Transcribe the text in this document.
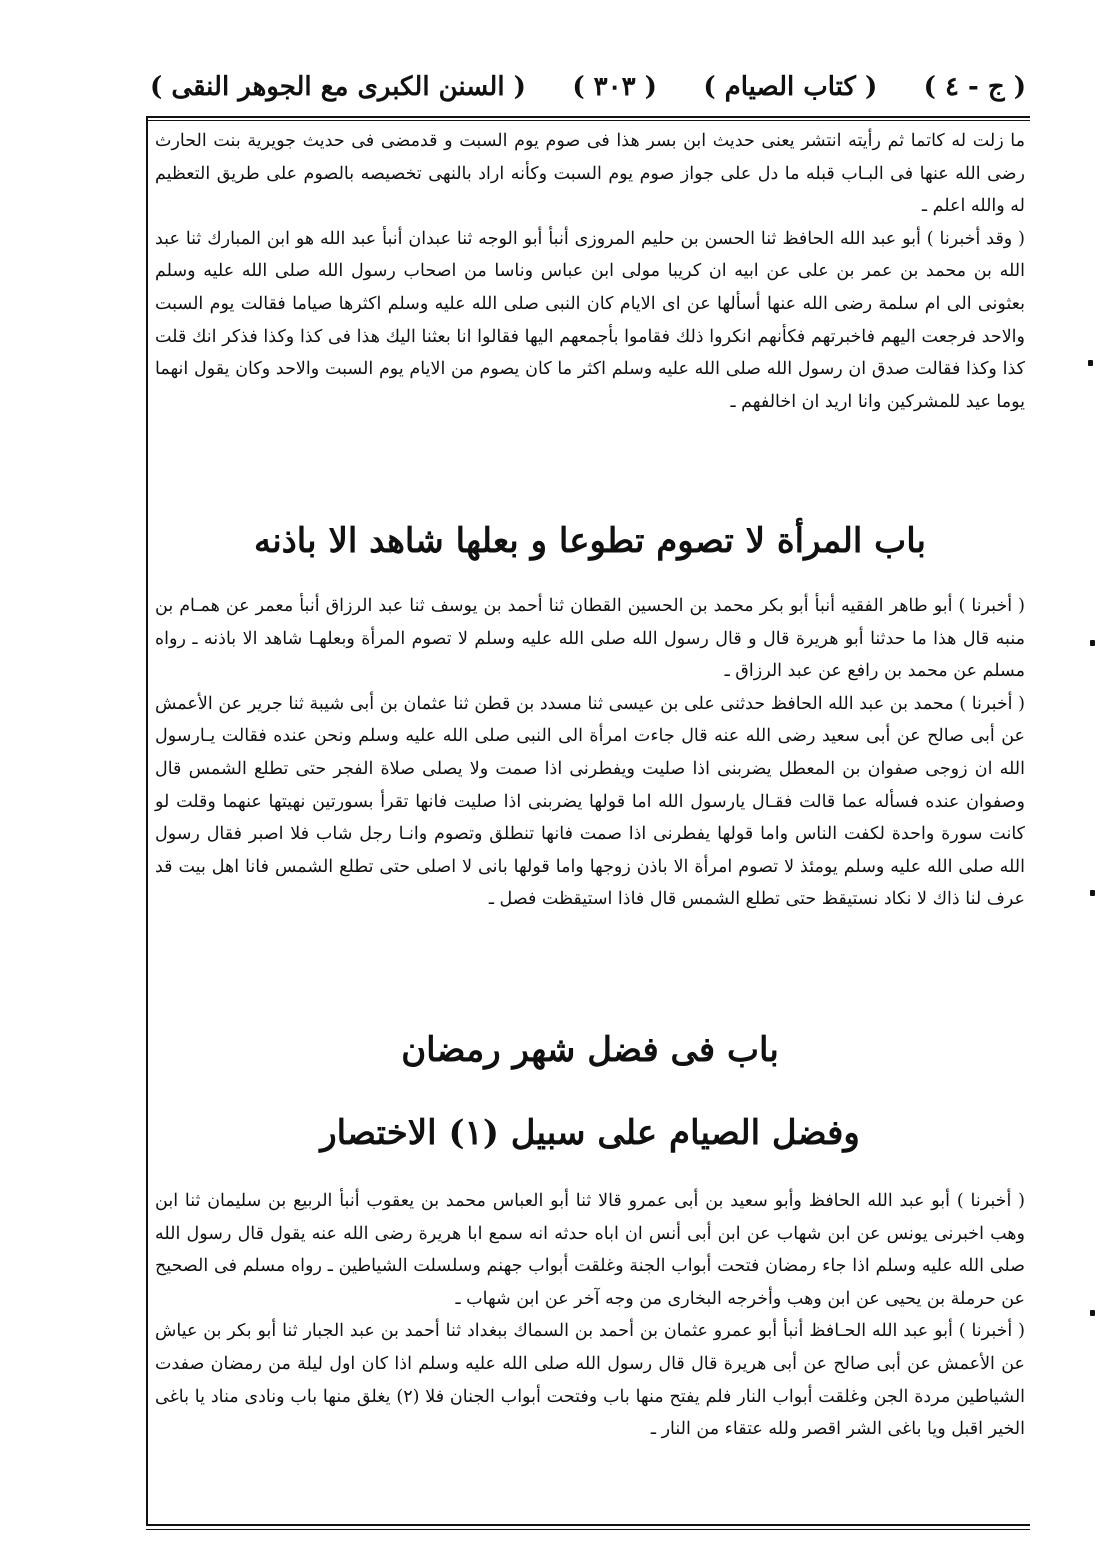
( السنن الكبرى مع الجوهر النقى ) ( ٣٠٣ ) ( كتاب الصيام ) ( ج - ٤ )

ما زلت له كاتما ثم رأيته انتشر يعنى حديث ابن بسر هذا فى صوم يوم السبت و قدمضى فى حديث جويرية بنت الحارث رضى الله عنها فى البـاب قبله ما دل على جواز صوم يوم السبت وكأنه اراد بالنهى تخصيصه بالصوم على طريق التعظيم له والله اعلم ـ

( وقد أخبرنا ) أبو عبد الله الحافظ ثنا الحسن بن حليم المروزى أنبأ أبو الوجه ثنا عبدان أنبأ عبد الله هو ابن المبارك ثنا عبد الله بن محمد بن عمر بن على عن ابيه ان كريبا مولى ابن عباس وناسا من اصحاب رسول الله صلى الله عليه وسلم بعثونى الى ام سلمة رضى الله عنها أسألها عن اى الايام كان النبى صلى الله عليه وسلم اكثرها صياما فقالت يوم السبت والاحد فرجعت اليهم فاخبرتهم فكأنهم انكروا ذلك فقاموا بأجمعهم اليها فقالوا انا بعثنا اليك هذا فى كذا وكذا فذكر انك قلت كذا وكذا فقالت صدق ان رسول الله صلى الله عليه وسلم اكثر ما كان يصوم من الايام يوم السبت والاحد وكان يقول انهما يوما عيد للمشركين وانا اريد ان اخالفهم ـ

باب المرأة لا تصوم تطوعا و بعلها شاهد الا باذنه

( أخبرنا ) أبو طاهر الفقيه أنبأ أبو بكر محمد بن الحسين القطان ثنا أحمد بن يوسف ثنا عبد الرزاق أنبأ معمر عن همـام بن منبه قال هذا ما حدثنا أبو هريرة قال و قال رسول الله صلى الله عليه وسلم لا تصوم المرأة وبعلهـا شاهد الا باذنه ـ رواه مسلم عن محمد بن رافع عن عبد الرزاق ـ

( أخبرنا ) محمد بن عبد الله الحافظ حدثنى على بن عيسى ثنا مسدد بن قطن ثنا عثمان بن أبى شيبة ثنا جرير عن الأعمش عن أبى صالح عن أبى سعيد رضى الله عنه قال جاءت امرأة الى النبى صلى الله عليه وسلم ونحن عنده فقالت يـارسول الله ان زوجى صفوان بن المعطل يضربنى اذا صليت ويفطرنى اذا صمت ولا يصلى صلاة الفجر حتى تطلع الشمس قال وصفوان عنده فسأله عما قالت فقـال يارسول الله اما قولها يضربنى اذا صليت فانها تقرأ بسورتين نهيتها عنهما وقلت لو كانت سورة واحدة لكفت الناس واما قولها يفطرنى اذا صمت فانها تنطلق وتصوم وانـا رجل شاب فلا اصبر فقال رسول الله صلى الله عليه وسلم يومئذ لا تصوم امرأة الا باذن زوجها واما قولها بانى لا اصلى حتى تطلع الشمس فانا اهل بيت قد عرف لنا ذاك لا نكاد نستيقظ حتى تطلع الشمس قال فاذا استيقظت فصل ـ

باب فى فضل شهر رمضان
وفضل الصيام على سبيل (١) الاختصار

( أخبرنا ) أبو عبد الله الحافظ وأبو سعيد بن أبى عمرو قالا ثنا أبو العباس محمد بن يعقوب أنبأ الربيع بن سليمان ثنا ابن وهب اخبرنى يونس عن ابن شهاب عن ابن أبى أنس ان اباه حدثه انه سمع ابا هريرة رضى الله عنه يقول قال رسول الله صلى الله عليه وسلم اذا جاء رمضان فتحت أبواب الجنة وغلقت أبواب جهنم وسلسلت الشياطين ـ رواه مسلم فى الصحيح عن حرملة بن يحيى عن ابن وهب وأخرجه البخارى من وجه آخر عن ابن شهاب ـ

( أخبرنا ) أبو عبد الله الحـافظ أنبأ أبو عمرو عثمان بن أحمد بن السماك ببغداد ثنا أحمد بن عبد الجبار ثنا أبو بكر بن عياش عن الأعمش عن أبى صالح عن أبى هريرة قال قال رسول الله صلى الله عليه وسلم اذا كان اول ليلة من رمضان صفدت الشياطين مردة الجن وغلقت أبواب النار فلم يفتح منها باب وفتحت أبواب الجنان فلا (٢) يغلق منها باب ونادى مناد يا باغى الخير اقبل ويا باغى الشر اقصر ولله عتقاء من النار ـ
